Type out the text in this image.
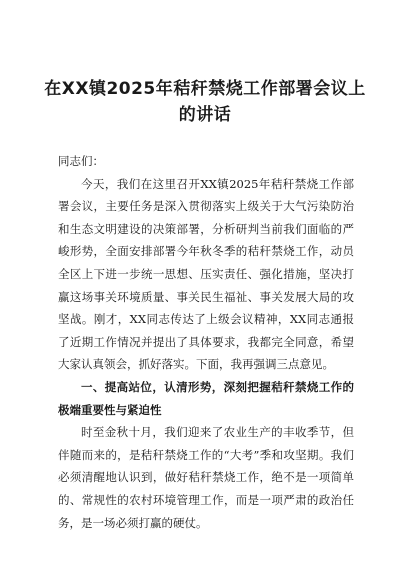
在XX镇2025年秸秆禁烧工作部署会议上的讲话

同志们：

今天，我们在这里召开XX镇2025年秸秆禁烧工作部署会议，主要任务是深入贯彻落实上级关于大气污染防治和生态文明建设的决策部署，分析研判当前我们面临的严峻形势，全面安排部署今年秋冬季的秸秆禁烧工作，动员全区上下进一步统一思想、压实责任、强化措施，坚决打赢这场事关环境质量、事关民生福祉、事关发展大局的攻坚战。刚才，XX同志传达了上级会议精神，XX同志通报了近期工作情况并提出了具体要求，我都完全同意，希望大家认真领会，抓好落实。下面，我再强调三点意见。

一、提高站位，认清形势，深刻把握秸秆禁烧工作的极端重要性与紧迫性

时至金秋十月，我们迎来了农业生产的丰收季节，但伴随而来的，是秸秆禁烧工作的“大考”季和攻坚期。我们必须清醒地认识到，做好秸秆禁烧工作，绝不是一项简单的、常规性的农村环境管理工作，而是一项严肃的政治任务，是一场必须打赢的硬仗。
